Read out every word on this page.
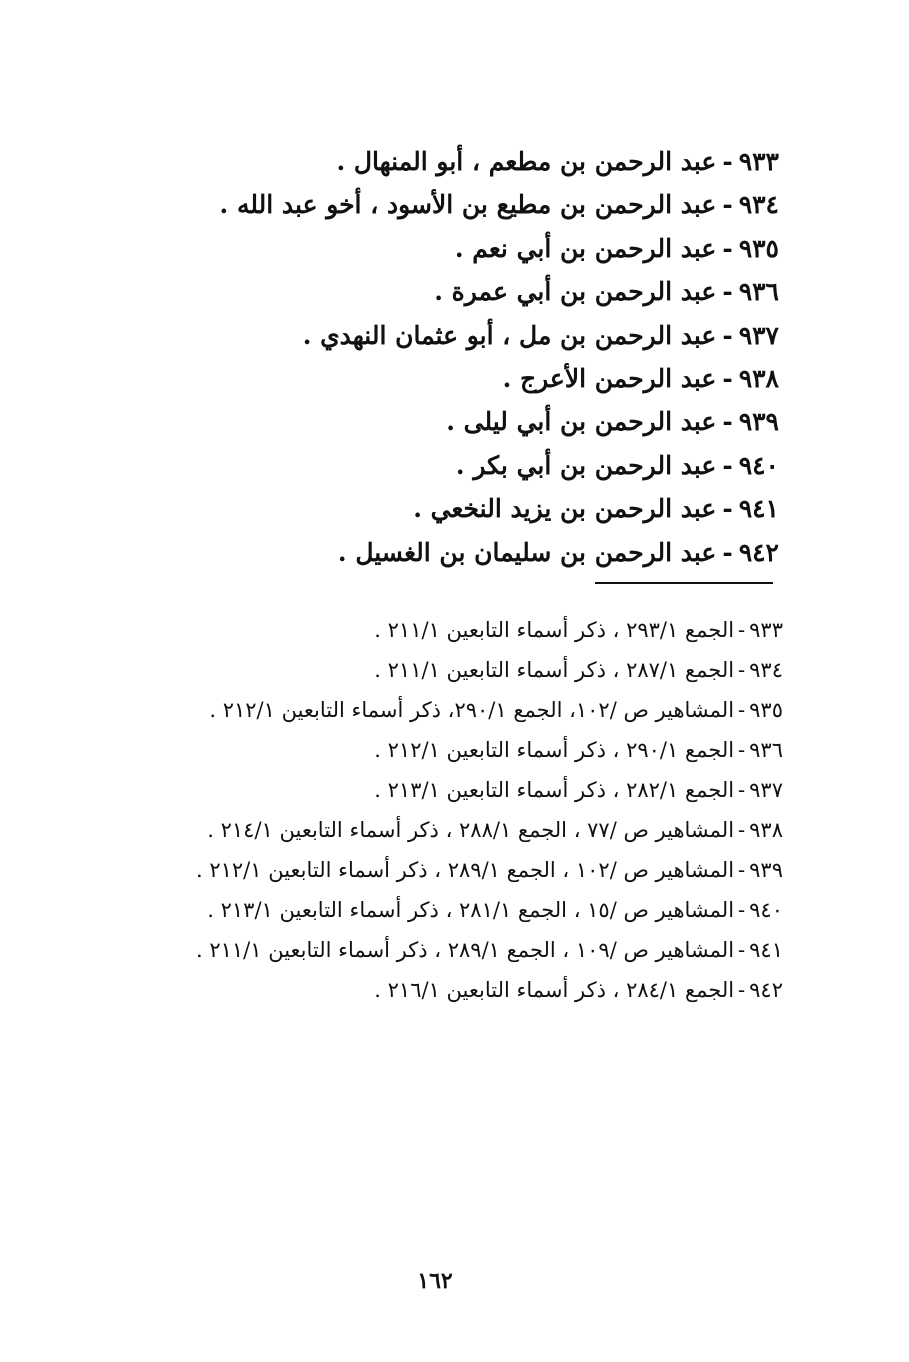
٩٣٣-عبد الرحمن بن مطعم ، أبو المنهال .
٩٣٤-عبد الرحمن بن مطيع بن الأسود ، أخو عبد الله .
٩٣٥-عبد الرحمن بن أبي نعم .
٩٣٦-عبد الرحمن بن أبي عمرة .
٩٣٧-عبد الرحمن بن مل ، أبو عثمان النهدي .
٩٣٨-عبد الرحمن الأعرج .
٩٣٩-عبد الرحمن بن أبي ليلى .
٩٤٠-عبد الرحمن بن أبي بكر .
٩٤١-عبد الرحمن بن يزيد النخعي .
٩٤٢-عبد الرحمن بن سليمان بن الغسيل .
٩٣٣-الجمع ٢٩٣/١ ، ذكر أسماء التابعين ٢١١/١ .
٩٣٤-الجمع ٢٨٧/١ ، ذكر أسماء التابعين ٢١١/١ .
٩٣٥-المشاهير ص /١٠٢، الجمع ٢٩٠/١، ذكر أسماء التابعين ٢١٢/١ .
٩٣٦-الجمع ٢٩٠/١ ، ذكر أسماء التابعين ٢١٢/١ .
٩٣٧-الجمع ٢٨٢/١ ، ذكر أسماء التابعين ٢١٣/١ .
٩٣٨-المشاهير ص /٧٧ ، الجمع ٢٨٨/١ ، ذكر أسماء التابعين ٢١٤/١ .
٩٣٩-المشاهير ص /١٠٢ ، الجمع ٢٨٩/١ ، ذكر أسماء التابعين ٢١٢/١ .
٩٤٠-المشاهير ص /١٥ ، الجمع ٢٨١/١ ، ذكر أسماء التابعين ٢١٣/١ .
٩٤١-المشاهير ص /١٠٩ ، الجمع ٢٨٩/١ ، ذكر أسماء التابعين ٢١١/١ .
٩٤٢-الجمع ٢٨٤/١ ، ذكر أسماء التابعين ٢١٦/١ .
١٦٢
